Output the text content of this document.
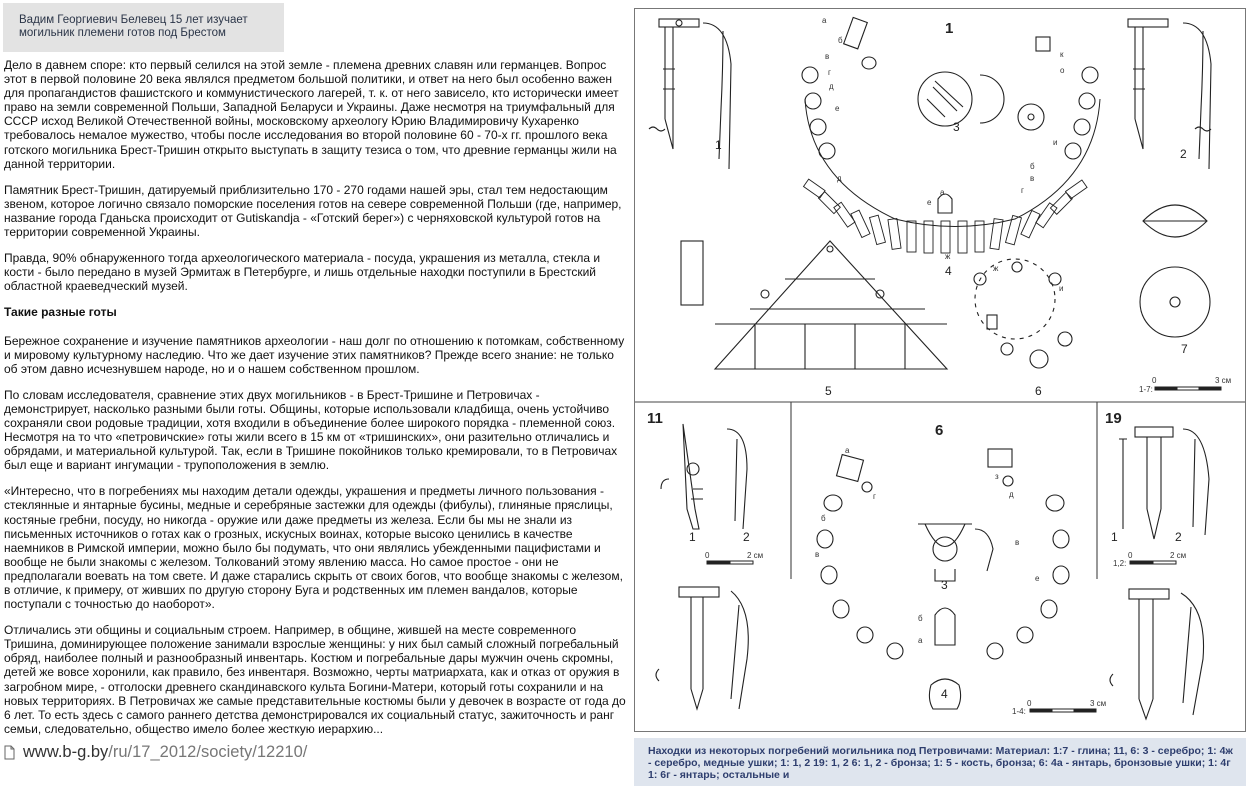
Вадим Георгиевич Белевец 15 лет изучает могильник племени готов под Брестом

Дело в давнем споре: кто первый селился на этой земле - племена древних славян или германцев. Вопрос этот в первой половине 20 века являлся предметом большой политики, и ответ на него был особенно важен для пропагандистов фашистского и коммунистического лагерей, т. к. от него зависело, кто исторически имеет право на земли современной Польши, Западной Беларуси и Украины. Даже несмотря на триумфальный для СССР исход Великой Отечественной войны, московскому археологу Юрию Владимировичу Кухаренко требовалось немалое мужество, чтобы после исследования во второй половине 60 - 70-х гг. прошлого века готского могильника Брест-Тришин открыто выступать в защиту тезиса о том, что древние германцы жили на данной территории.

Памятник Брест-Тришин, датируемый приблизительно 170 - 270 годами нашей эры, стал тем недостающим звеном, которое логично связало поморские поселения готов на севере современной Польши (где, например, название города Гданьска происходит от Gutiskandja - «Готский берег») с черняховской культурой готов на территории современной Украины.

Правда, 90% обнаруженного тогда археологического материала - посуда, украшения из металла, стекла и кости - было передано в музей Эрмитаж в Петербурге, и лишь отдельные находки поступили в Брестский областной краеведческий музей.

Такие разные готы

Бережное сохранение и изучение памятников археологии - наш долг по отношению к потомкам, собственному и мировому культурному наследию. Что же дает изучение этих памятников? Прежде всего знание: не только об этом давно исчезнувшем народе, но и о нашем собственном прошлом.

По словам исследователя, сравнение этих двух могильников - в Брест-Тришине и Петровичах - демонстрирует, насколько разными были готы. Общины, которые использовали кладбища, очень устойчиво сохраняли свои родовые традиции, хотя входили в объединение более широкого порядка - племенной союз. Несмотря на то что «петровичские» готы жили всего в 15 км от «тришинских», они разительно отличались и обрядами, и материальной культурой. Так, если в Тришине покойников только кремировали, то в Петровичах был еще и вариант ингумации - трупоположения в землю.

«Интересно, что в погребениях мы находим детали одежды, украшения и предметы личного пользования - стеклянные и янтарные бусины, медные и серебряные застежки для одежды (фибулы), глиняные пряслицы, костяные гребни, посуду, но никогда - оружие или даже предметы из железа. Если бы мы не знали из письменных источников о готах как о грозных, искусных воинах, которые высоко ценились в качестве наемников в Римской империи, можно было бы подумать, что они являлись убежденными пацифистами и вообще не были знакомы с железом. Толкований этому явлению масса. Но самое простое - они не предполагали воевать на том свете. И даже старались скрыть от своих богов, что вообще знакомы с железом, в отличие, к примеру, от живших по другую сторону Буга и родственных им племен вандалов, которые поступали с точностью до наоборот».

Отличались эти общины и социальным строем. Например, в общине, жившей на месте современного Тришина, доминирующее положение занимали взрослые женщины: у них был самый сложный погребальный обряд, наиболее полный и разнообразный инвентарь. Костюм и погребальные дары мужчин очень скромны, детей же вовсе хоронили, как правило, без инвентаря. Возможно, черты матриархата, как и отказ от оружия в загробном мире, - отголоски древнего скандинавского культа Богини-Матери, который готы сохранили и на новых территориях. В Петровичах же самые представительные костюмы были у девочек в возрасте от года до 6 лет. То есть здесь с самого раннего детства демонстрировался их социальный статус, зажиточность и ранг семьи, следовательно, общество имело более жесткую иерархию...

www.b-g.by /ru/17_2012/society/12210/
1
2
1
3
4
5	6
7
а
б
в
г
д
е
ж
к
о
и
б
в
г
д
е
а
ж
и
1-7:
0	3 см
11
6
19
1	2	1	2
3
4
а
б
в
г	д
е
з
а
б
в
0	2 см
1,2:
0	2 см
1-4:
0	3 см
Находки из некоторых погребений могильника под Петровичами: Материал: 1:7 - глина; 11, 6: 3 - серебро; 1: 4ж - серебро, медные ушки; 1: 1, 2 19: 1, 2 6: 1, 2 - бронза; 1: 5 - кость, бронза; 6: 4а - янтарь, бронзовые ушки; 1: 4г 1: 6г - янтарь; остальные и
